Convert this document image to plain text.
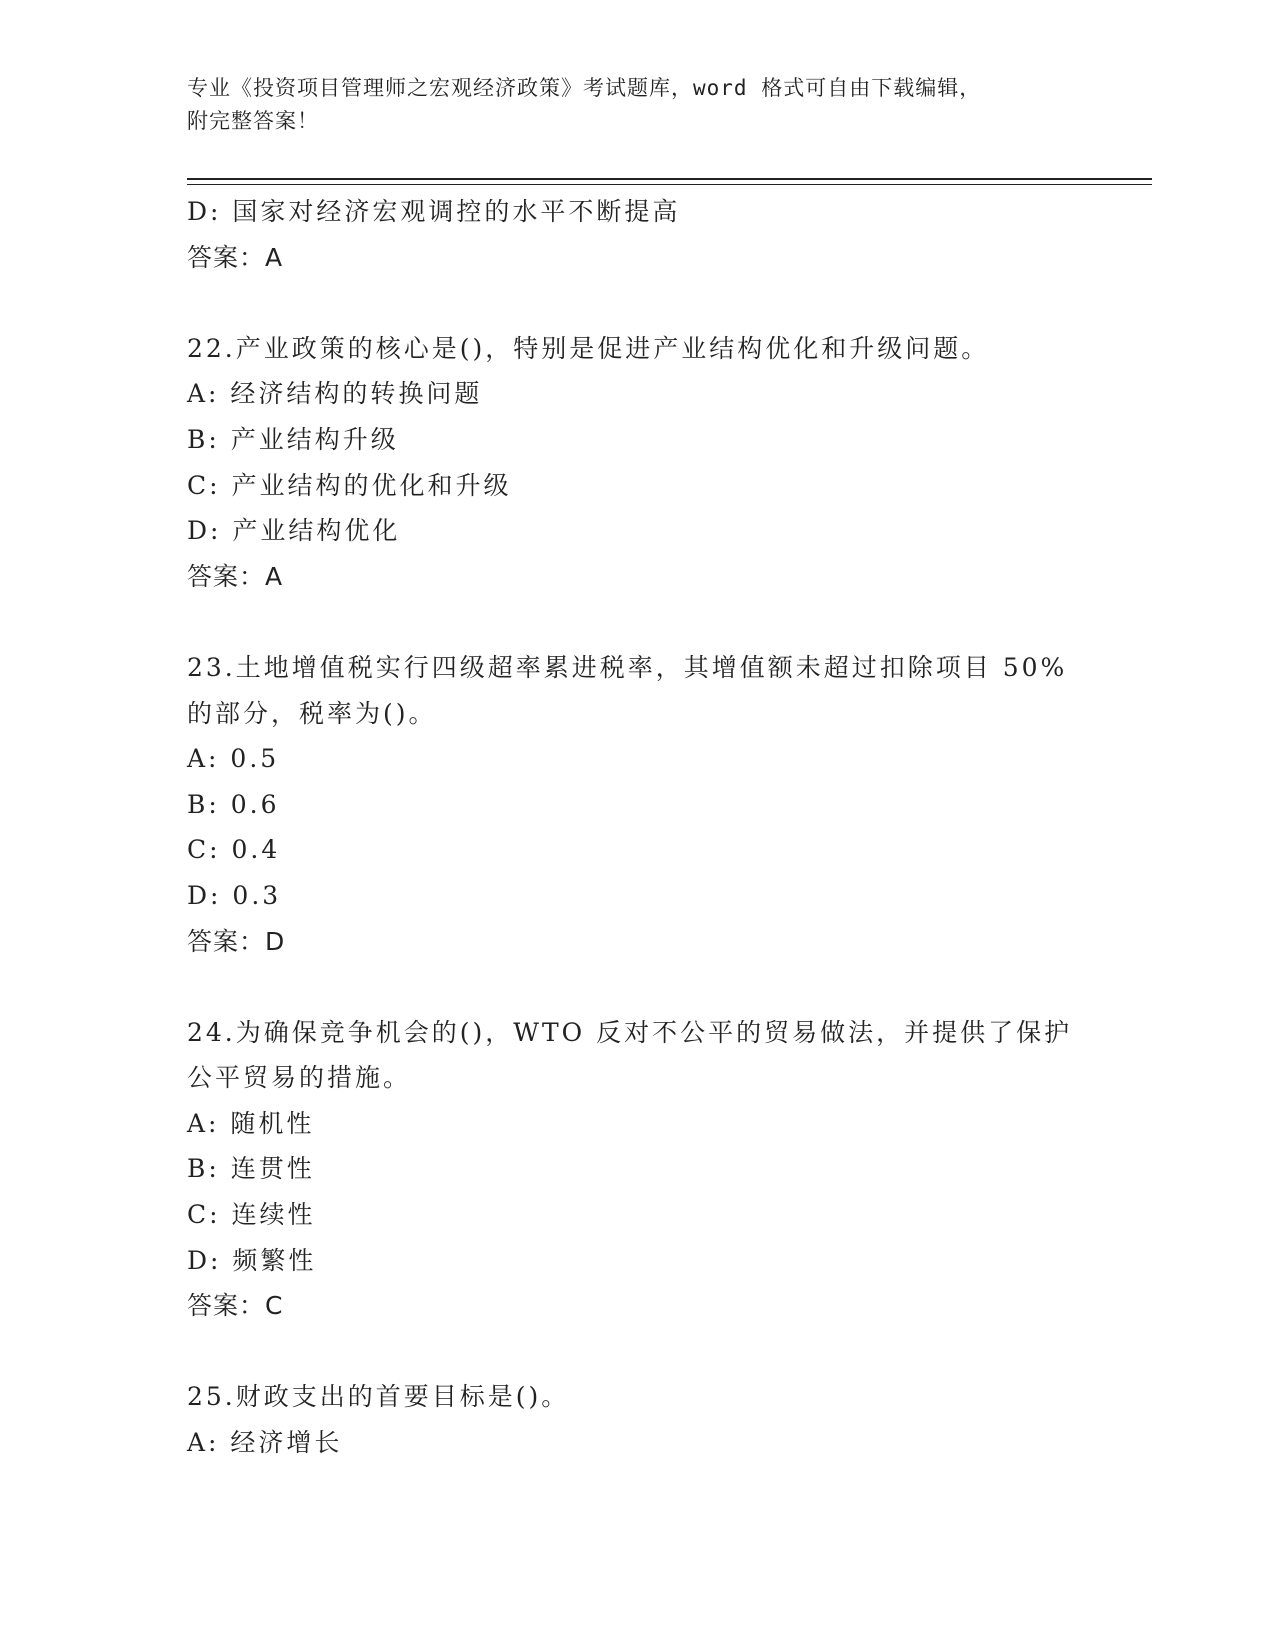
专业《投资项目管理师之宏观经济政策》考试题库，word 格式可自由下载编辑，
附完整答案！
D: 国家对经济宏观调控的水平不断提高
答案：A
22.产业政策的核心是()，特别是促进产业结构优化和升级问题。
A: 经济结构的转换问题
B: 产业结构升级
C: 产业结构的优化和升级
D: 产业结构优化
答案：A
23.土地增值税实行四级超率累进税率，其增值额未超过扣除项目 50%
的部分，税率为()。
A: 0.5
B: 0.6
C: 0.4
D: 0.3
答案：D
24.为确保竞争机会的()，WTO 反对不公平的贸易做法，并提供了保护
公平贸易的措施。
A: 随机性
B: 连贯性
C: 连续性
D: 频繁性
答案：C
25.财政支出的首要目标是()。
A: 经济增长
